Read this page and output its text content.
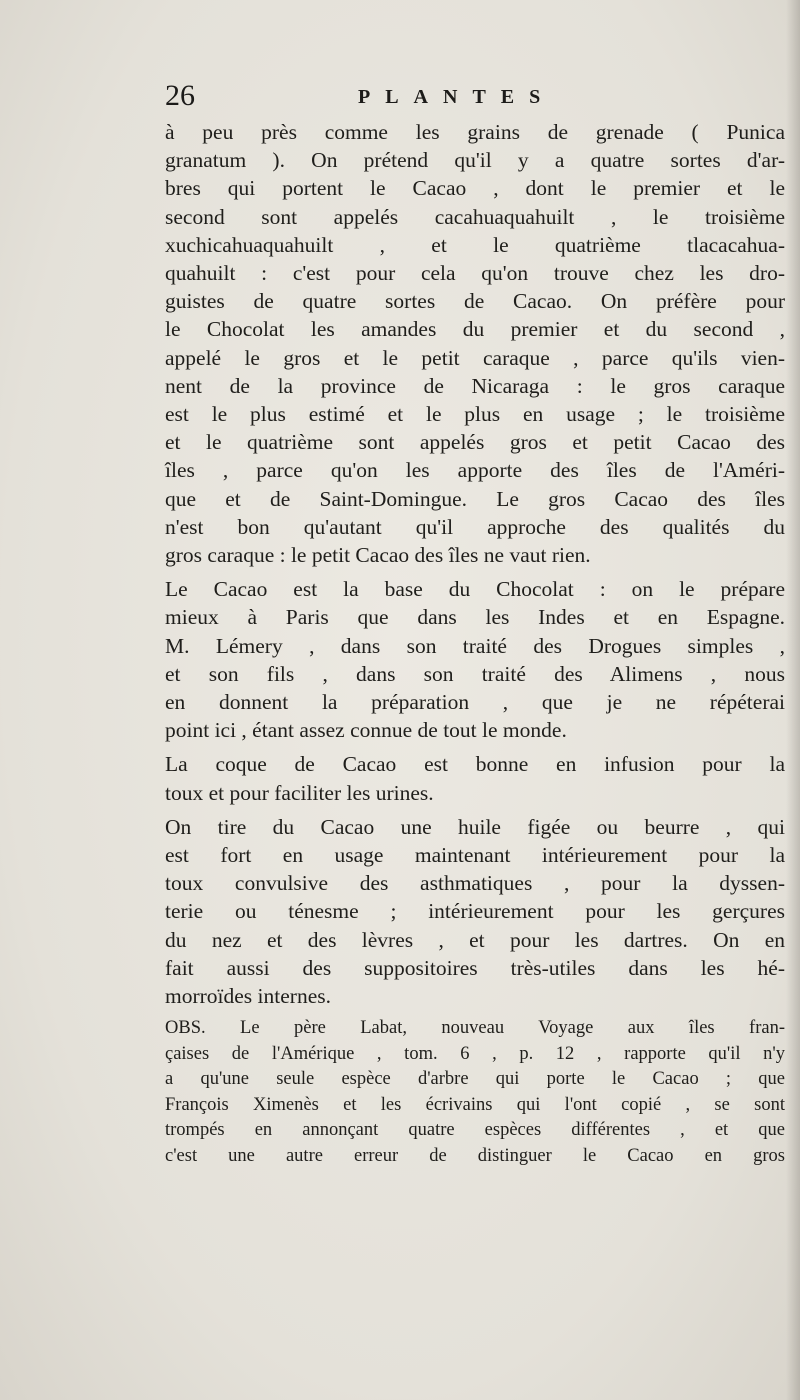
26	PLANTES
à peu près comme les grains de grenade ( Punica
granatum ). On prétend qu'il y a quatre sortes d'ar-
bres qui portent le Cacao , dont le premier et le
second sont appelés cacahuaquahuilt , le troisième
xuchicahuaquahuilt , et le quatrième tlacacahua-
quahuilt : c'est pour cela qu'on trouve chez les dro-
guistes de quatre sortes de Cacao. On préfère pour
le Chocolat les amandes du premier et du second ,
appelé le gros et le petit caraque , parce qu'ils vien-
nent de la province de Nicaraga : le gros caraque
est le plus estimé et le plus en usage ; le troisième
et le quatrième sont appelés gros et petit Cacao des
îles , parce qu'on les apporte des îles de l'Améri-
que et de Saint-Domingue. Le gros Cacao des îles
n'est bon qu'autant qu'il approche des qualités du
gros caraque : le petit Cacao des îles ne vaut rien.
Le Cacao est la base du Chocolat : on le prépare
mieux à Paris que dans les Indes et en Espagne.
M. Lémery , dans son traité des Drogues simples ,
et son fils , dans son traité des Alimens , nous
en donnent la préparation , que je ne répéterai
point ici , étant assez connue de tout le monde.
La coque de Cacao est bonne en infusion pour la
toux et pour faciliter les urines.
On tire du Cacao une huile figée ou beurre , qui
est fort en usage maintenant intérieurement pour la
toux convulsive des asthmatiques , pour la dyssen-
terie ou ténesme ; intérieurement pour les gerçures
du nez et des lèvres , et pour les dartres. On en
fait aussi des suppositoires très-utiles dans les hé-
morroïdes internes.
OBS. Le père Labat, nouveau Voyage aux îles fran-
çaises de l'Amérique , tom. 6 , p. 12 , rapporte qu'il n'y
a qu'une seule espèce d'arbre qui porte le Cacao ; que
François Ximenès et les écrivains qui l'ont copié , se sont
trompés en annonçant quatre espèces différentes , et que
c'est une autre erreur de distinguer le Cacao en gros
